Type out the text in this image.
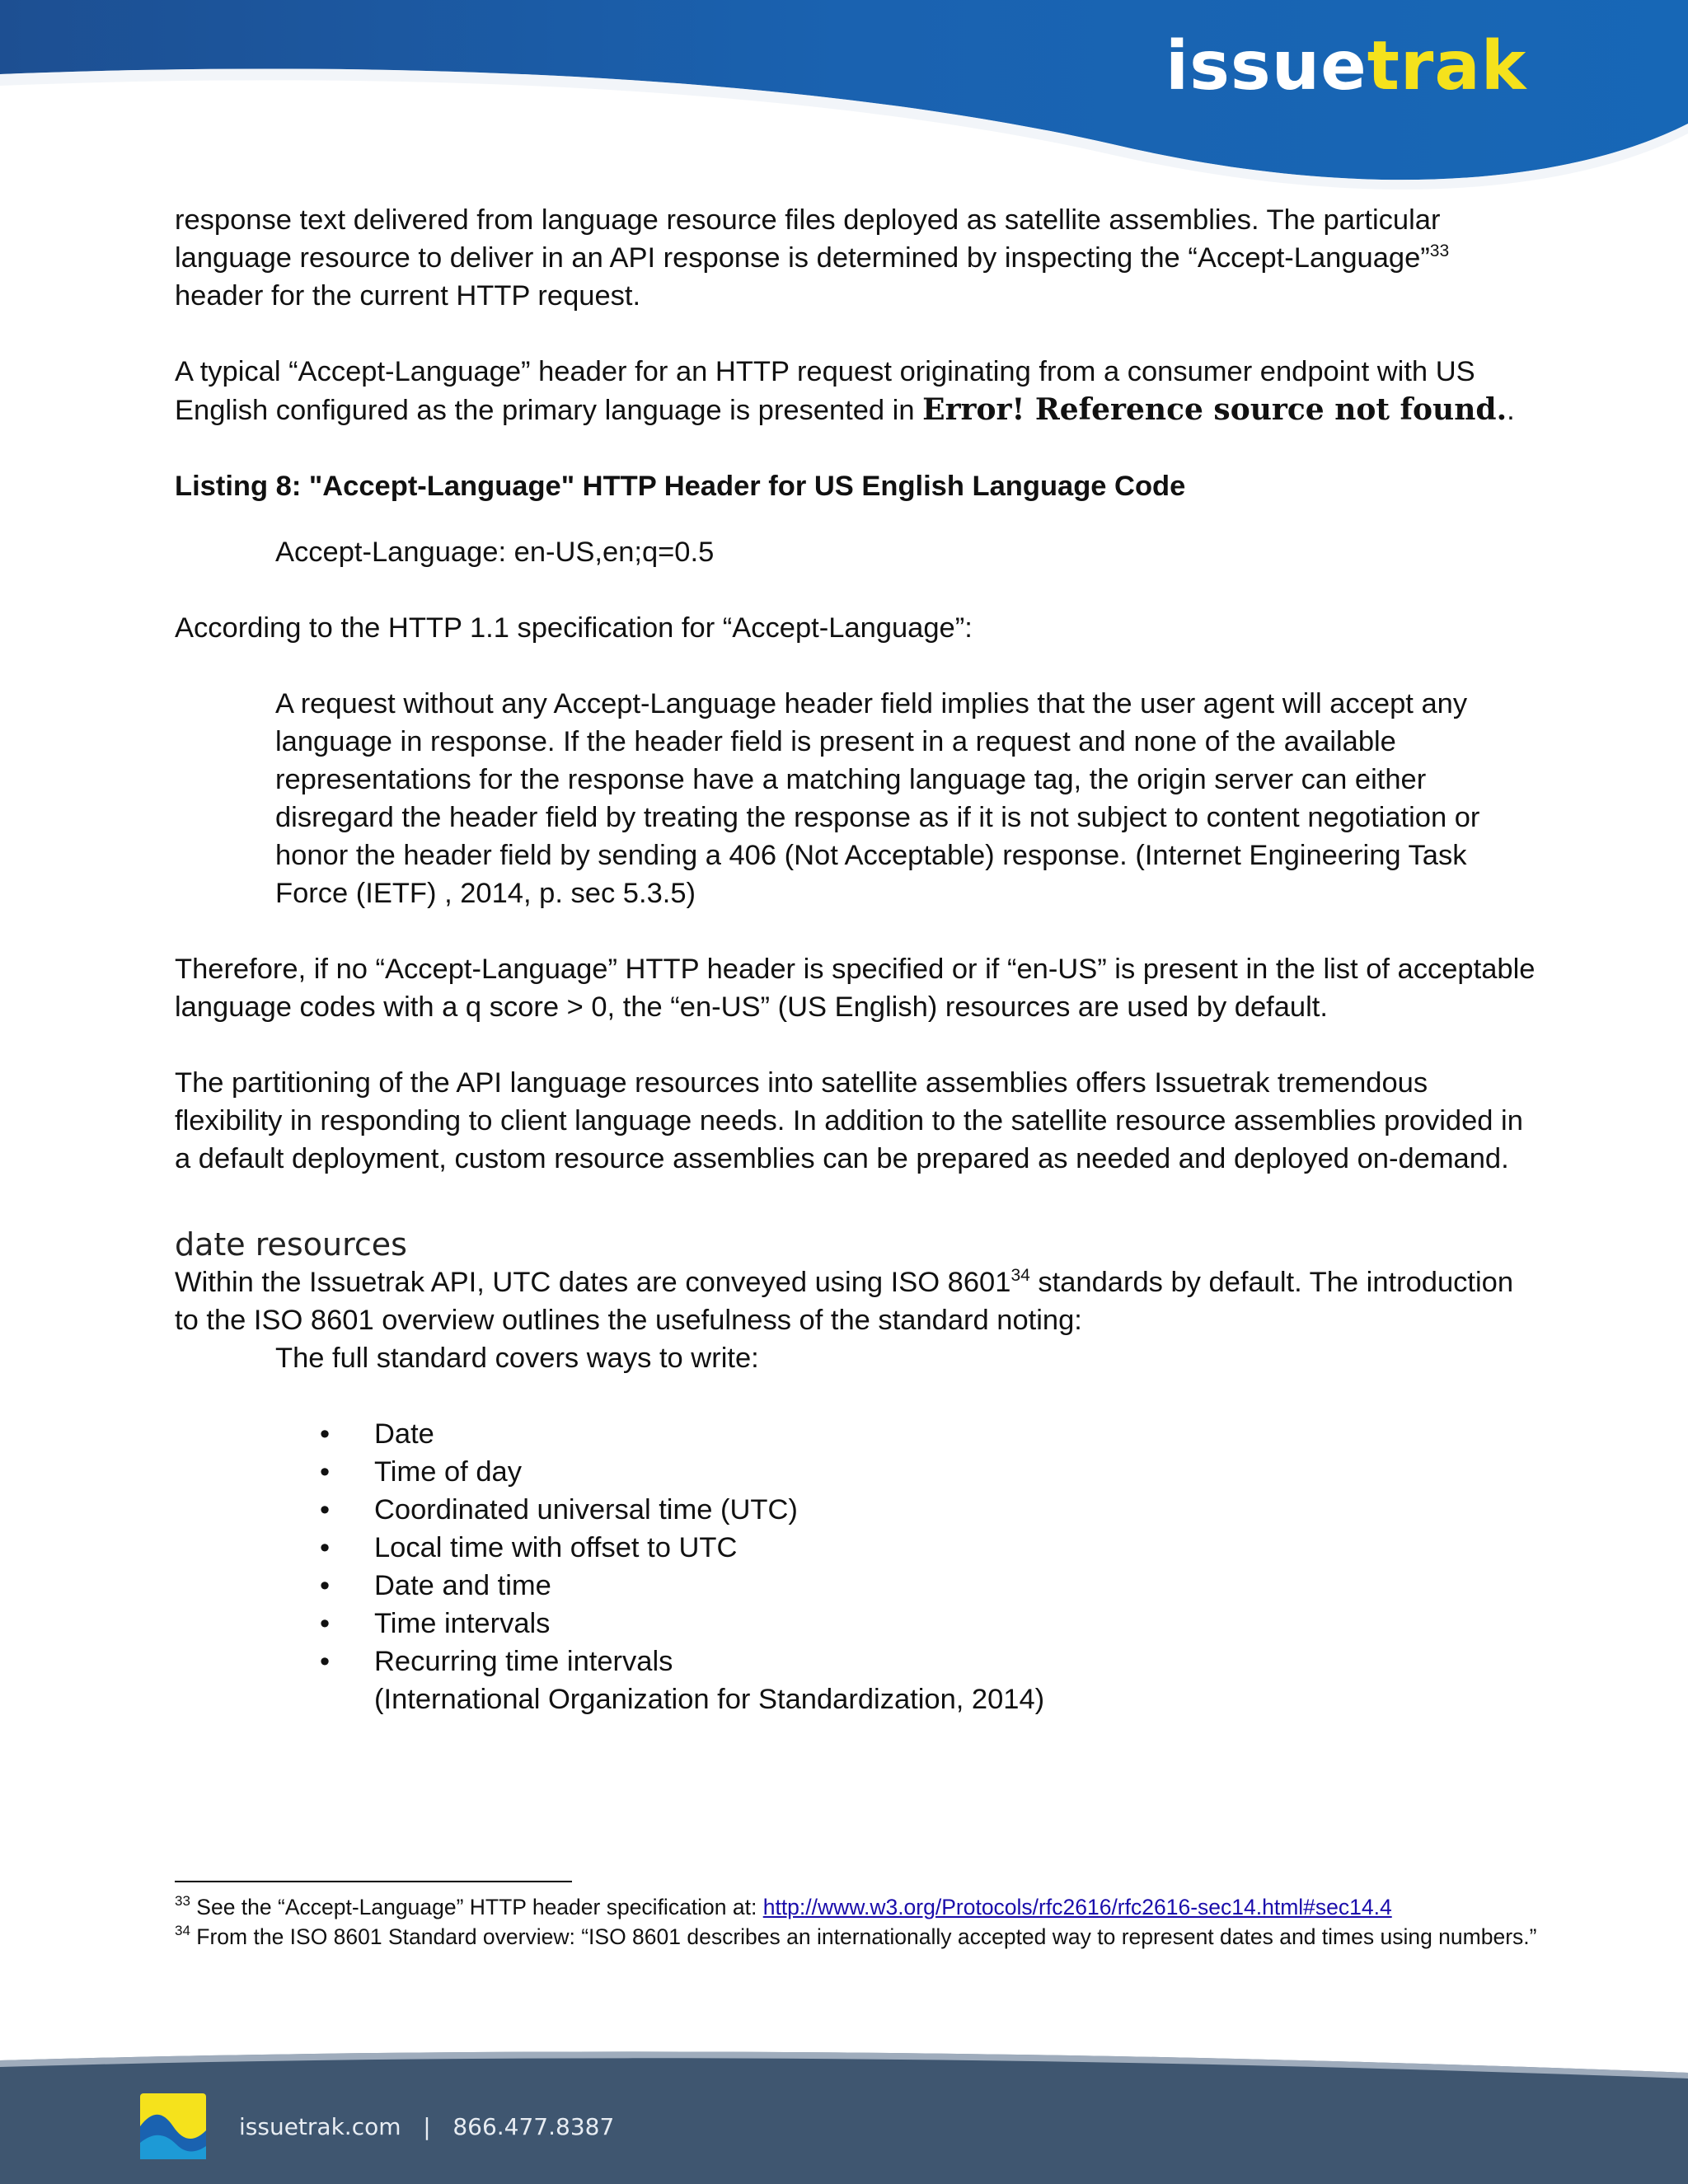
issuetrak

response text delivered from language resource files deployed as satellite assemblies. The particular language resource to deliver in an API response is determined by inspecting the “Accept-Language”$^{33}$ header for the current HTTP request.

A typical “Accept-Language” header for an HTTP request originating from a consumer endpoint with US English configured as the primary language is presented in Error! Reference source not found..

Listing 8: "Accept-Language" HTTP Header for US English Language Code

Accept-Language: en-US,en;q=0.5

According to the HTTP 1.1 specification for “Accept-Language”:

A request without any Accept-Language header field implies that the user agent will accept any language in response. If the header field is present in a request and none of the available representations for the response have a matching language tag, the origin server can either disregard the header field by treating the response as if it is not subject to content negotiation or honor the header field by sending a 406 (Not Acceptable) response. (Internet Engineering Task Force (IETF) , 2014, p. sec 5.3.5)

Therefore, if no “Accept-Language” HTTP header is specified or if “en-US” is present in the list of acceptable language codes with a q score > 0, the “en-US” (US English) resources are used by default.

The partitioning of the API language resources into satellite assemblies offers Issuetrak tremendous flexibility in responding to client language needs. In addition to the satellite resource assemblies provided in a default deployment, custom resource assemblies can be prepared as needed and deployed on-demand.

date resources

Within the Issuetrak API, UTC dates are conveyed using ISO 8601$^{34}$ standards by default. The introduction to the ISO 8601 overview outlines the usefulness of the standard noting:

The full standard covers ways to write:

• Date
• Time of day
• Coordinated universal time (UTC)
• Local time with offset to UTC
• Date and time
• Time intervals
• Recurring time intervals

(International Organization for Standardization, 2014)

$^{33}$ See the “Accept-Language” HTTP header specification at: http://www.w3.org/Protocols/rfc2616/rfc2616-sec14.html#sec14.4

$^{34}$ From the ISO 8601 Standard overview: “ISO 8601 describes an internationally accepted way to represent dates and times using numbers.”

issuetrak.com   |   866.477.8387
